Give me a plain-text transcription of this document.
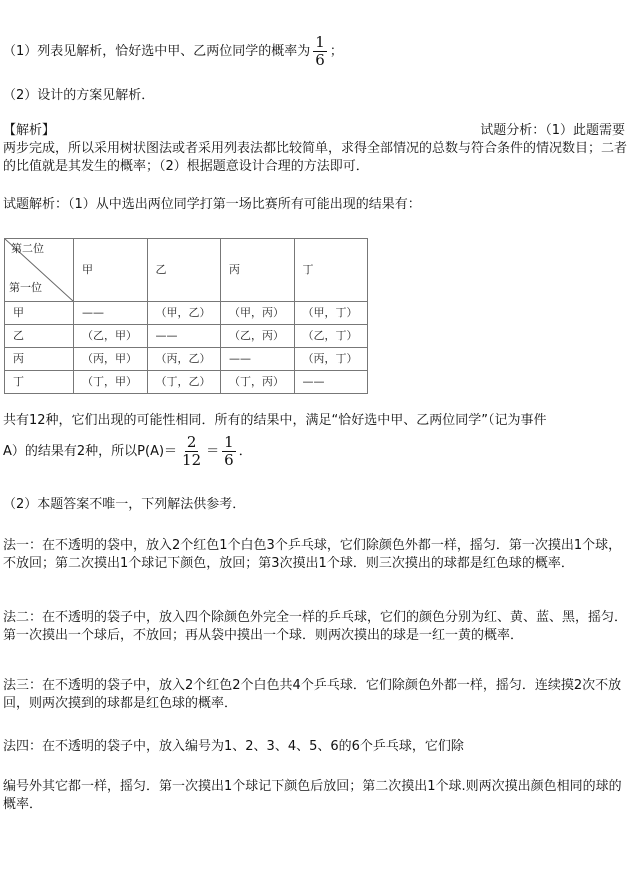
（1）列表见解析，恰好选中甲、乙两位同学的概率为 $\frac{1}{6}$ ；
（2）设计的方案见解析．
【解析】	试题分析：（1）此题需要
两步完成，所以采用树状图法或者采用列表法都比较简单，求得全部情况的总数与符合条件的情况数目；二者的比值就是其发生的概率；（2）根据题意设计合理的方法即可．
试题解析：（1）从中选出两位同学打第一场比赛所有可能出现的结果有：
第二位
第一位	甲	乙	丙	丁
甲	——	（甲，乙）	（甲，丙）	（甲，丁）
乙	（乙，甲）	——	（乙，丙）	（乙，丁）
丙	（丙，甲）	（丙，乙）	——	（丙，丁）
丁	（丁，甲）	（丁，乙）	（丁，丙）	——
共有12种，它们出现的可能性相同．所有的结果中，满足“恰好选中甲、乙两位同学”（记为事件
A）的结果有2种，所以$P(A)= \frac{2}{12} = \frac{1}{6}$ ．
（2）本题答案不唯一，下列解法供参考．
法一：在不透明的袋中，放入2个红色1个白色3个乒乓球，它们除颜色外都一样，摇匀．第一次摸出1个球，不放回；第二次摸出1个球记下颜色，放回；第3次摸出1个球．则三次摸出的球都是红色球的概率．
法二：在不透明的袋子中，放入四个除颜色外完全一样的乒乓球，它们的颜色分别为红、黄、蓝、黑，摇匀．第一次摸出一个球后，不放回；再从袋中摸出一个球．则两次摸出的球是一红一黄的概率．
法三：在不透明的袋子中，放入2个红色2个白色共4个乒乓球．它们除颜色外都一样，摇匀．连续摸2次不放回，则两次摸到的球都是红色球的概率．
法四：在不透明的袋子中，放入编号为1、2、3、4、5、6的6个乒乓球，它们除
编号外其它都一样，摇匀．第一次摸出1个球记下颜色后放回；第二次摸出1个球.则两次摸出颜色相同的球的概率．
